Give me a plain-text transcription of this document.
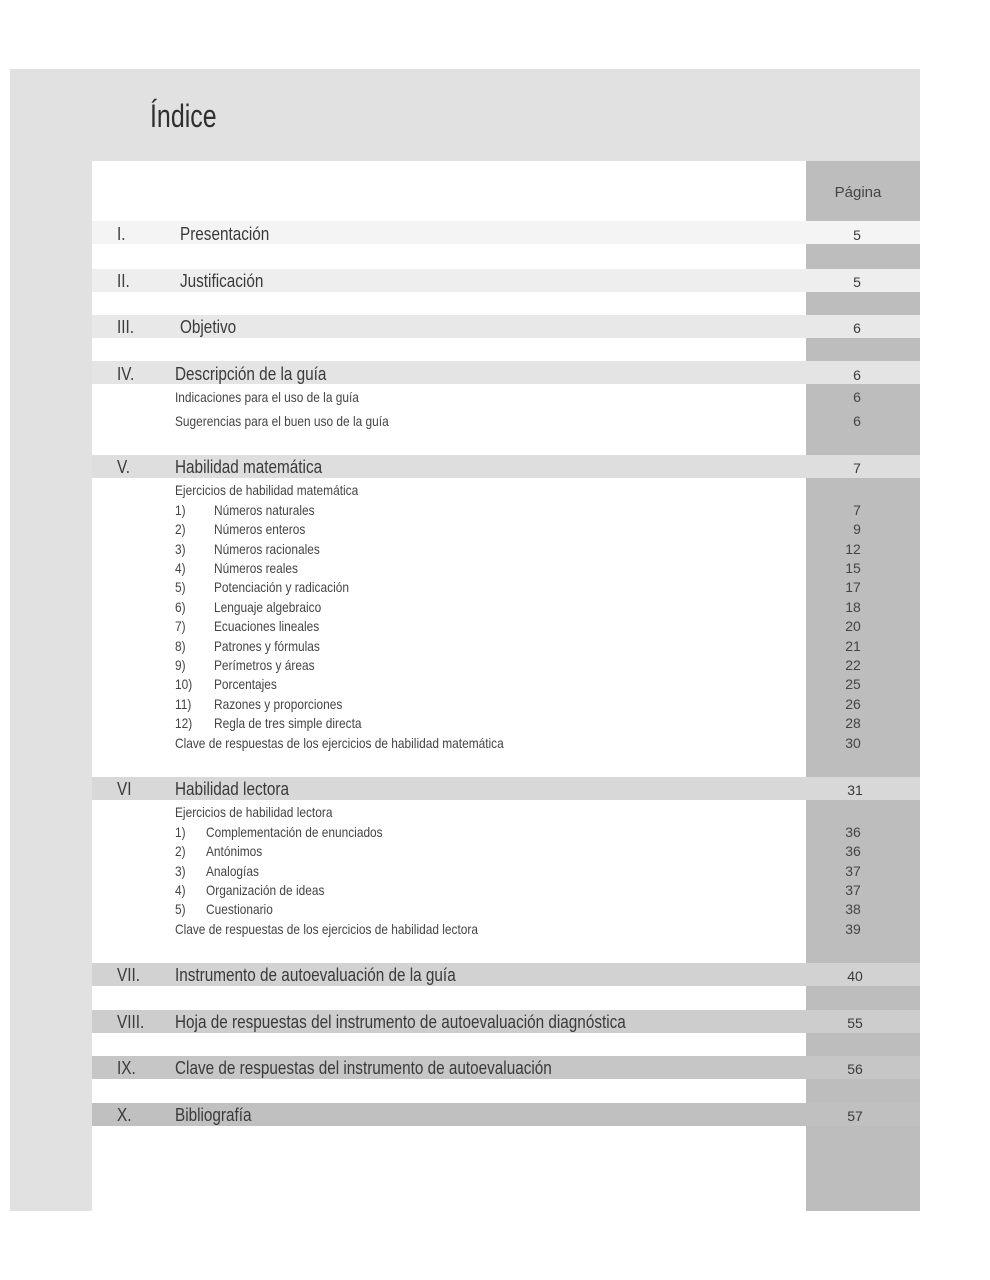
Índice
Página
I.	Presentación	5
II.	Justificación	5
III.	Objetivo	6
IV. Descripción de la guía	6
Indicaciones para el uso de la guía	6
Sugerencias para el buen uso de la guía	6
V. Habilidad matemática	7
Ejercicios de habilidad matemática
1) Números naturales	7
2) Números enteros	9
3) Números racionales	12
4) Números reales	15
5) Potenciación y radicación	17
6) Lenguaje algebraico	18
7) Ecuaciones lineales	20
8) Patrones y fórmulas	21
9) Perímetros y áreas	22
10) Porcentajes	25
11) Razones y proporciones	26
12) Regla de tres simple directa	28
Clave de respuestas de los ejercicios de habilidad matemática	30
VI Habilidad lectora	31
Ejercicios de habilidad lectora
1) Complementación de enunciados	36
2) Antónimos	36
3) Analogías	37
4) Organización de ideas	37
5) Cuestionario	38
Clave de respuestas de los ejercicios de habilidad lectora	39
VII. Instrumento de autoevaluación de la guía	40
VIII. Hoja de respuestas del instrumento de autoevaluación diagnóstica	55
IX. Clave de respuestas del instrumento de autoevaluación	56
X. Bibliografía	57
